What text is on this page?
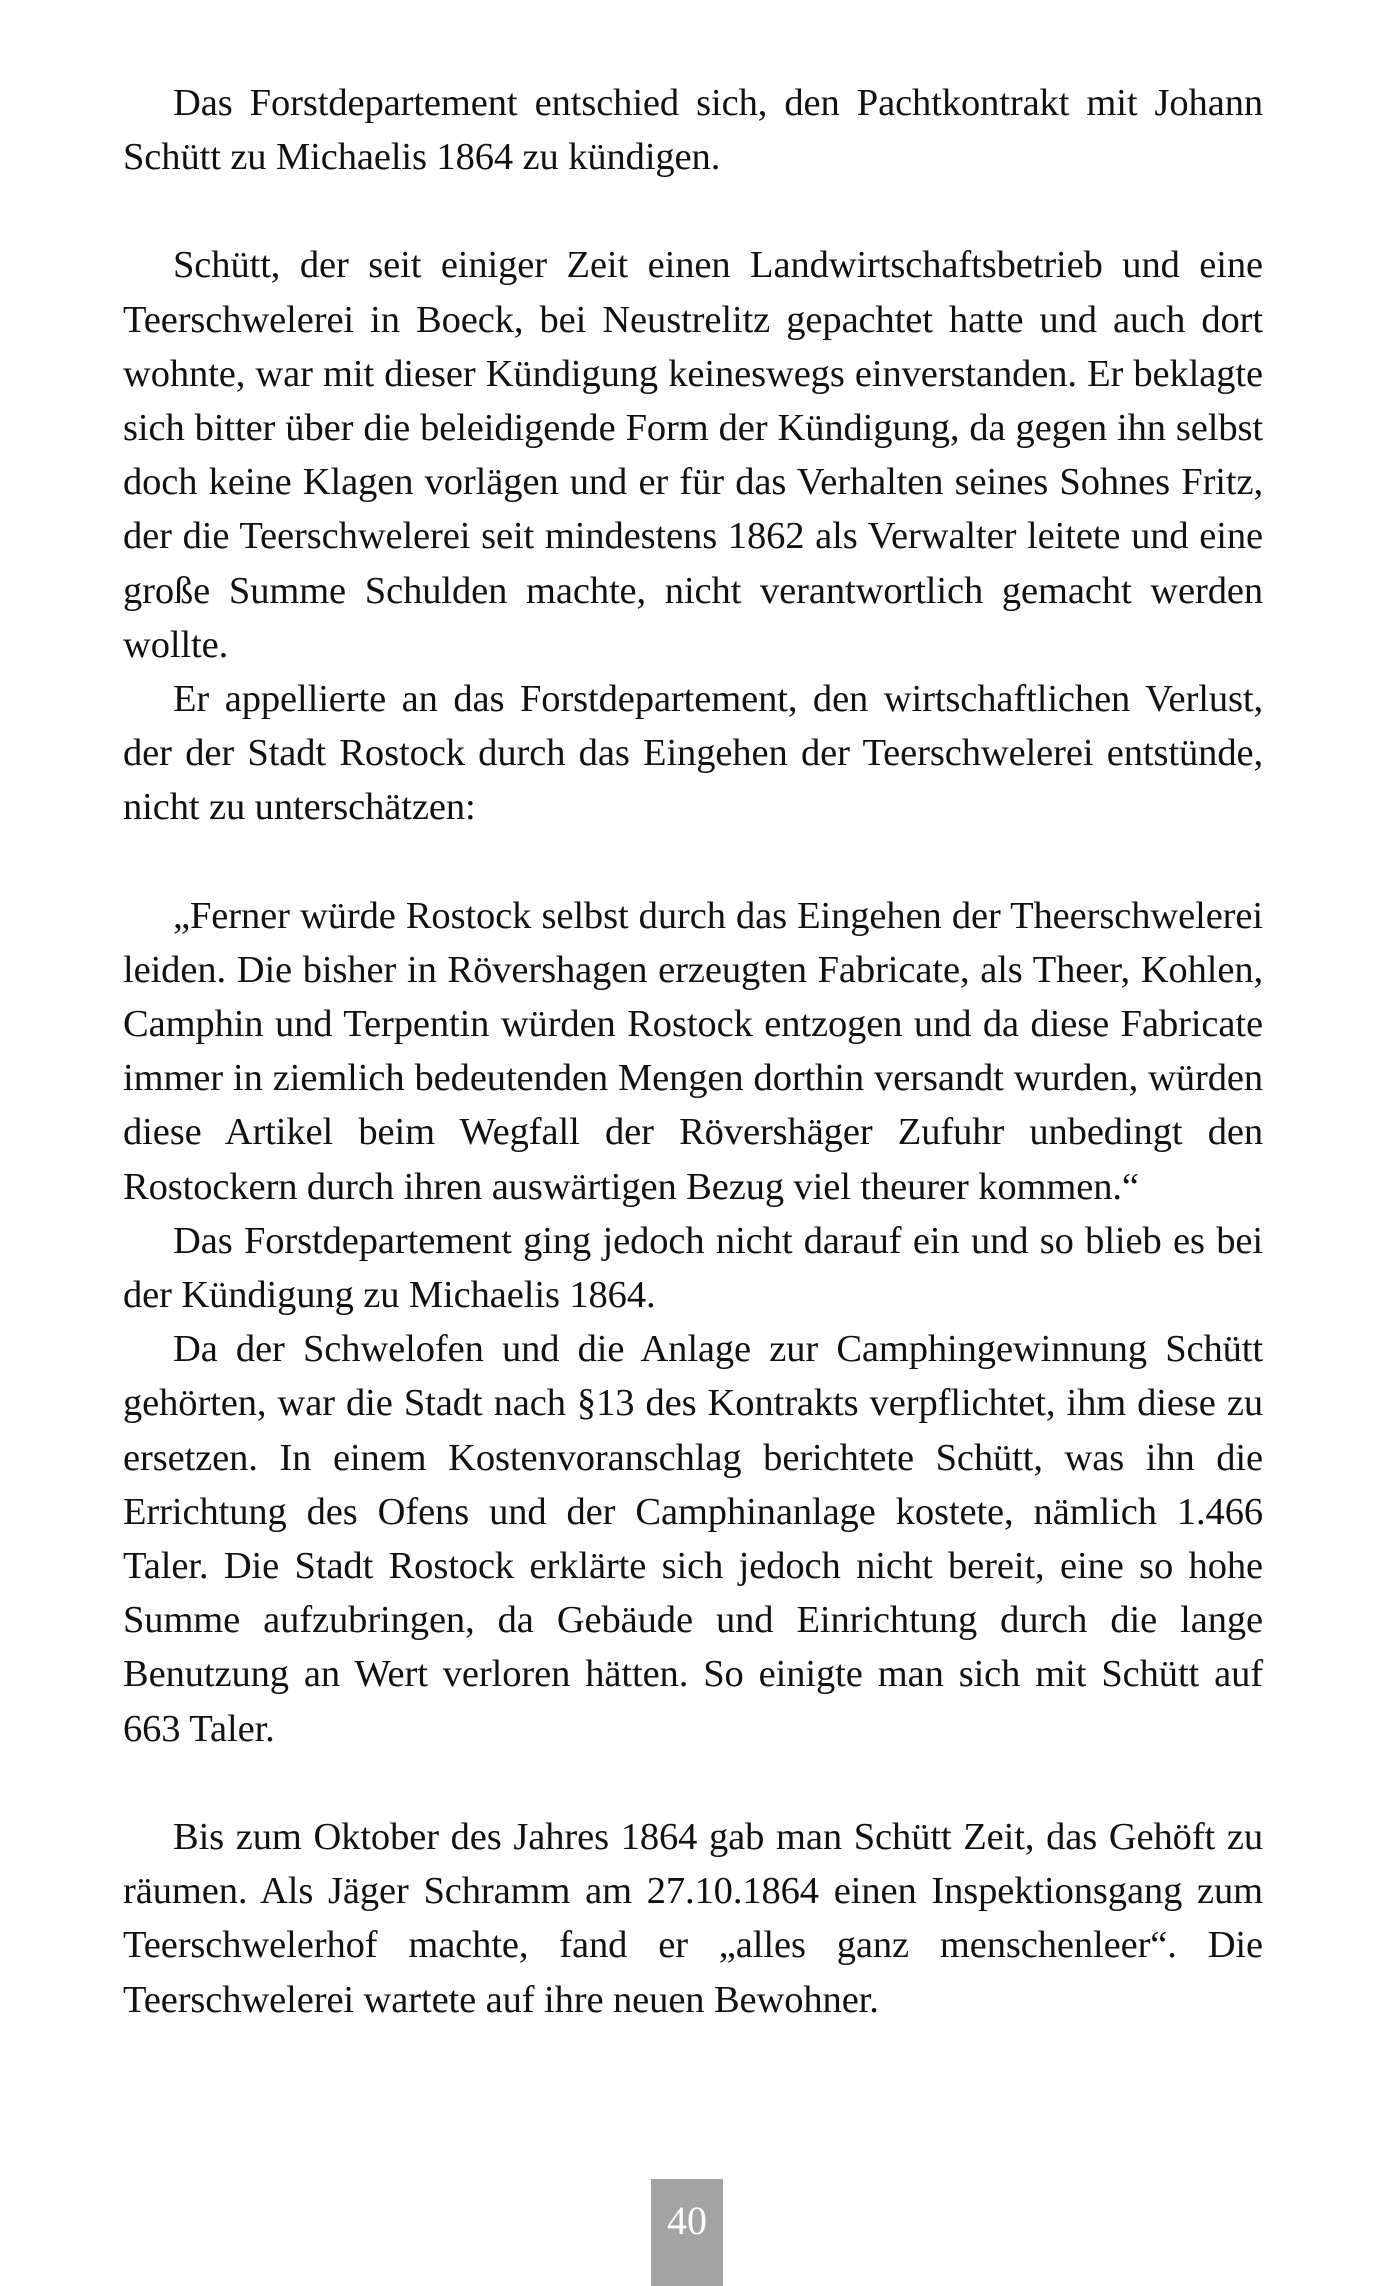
Das Forstdepartement entschied sich, den Pachtkontrakt mit Johann Schütt zu Michaelis 1864 zu kündigen.

Schütt, der seit einiger Zeit einen Landwirtschaftsbetrieb und eine Teerschwelerei in Boeck, bei Neustrelitz gepachtet hatte und auch dort wohnte, war mit dieser Kündigung keineswegs einverstanden. Er beklagte sich bitter über die beleidigende Form der Kündigung, da gegen ihn selbst doch keine Klagen vorlägen und er für das Verhalten seines Sohnes Fritz, der die Teerschwelerei seit mindestens 1862 als Verwalter leitete und eine große Summe Schulden machte, nicht verantwortlich gemacht werden wollte.

Er appellierte an das Forstdepartement, den wirtschaftlichen Verlust, der der Stadt Rostock durch das Eingehen der Teerschwelerei entstünde, nicht zu unterschätzen:

„Ferner würde Rostock selbst durch das Eingehen der Theerschwelerei leiden. Die bisher in Rövershagen erzeugten Fabricate, als Theer, Kohlen, Camphin und Terpentin würden Rostock entzogen und da diese Fabricate immer in ziemlich bedeutenden Mengen dorthin versandt wurden, würden diese Artikel beim Wegfall der Rövershäger Zufuhr unbedingt den Rostockern durch ihren auswärtigen Bezug viel theurer kommen.“

Das Forstdepartement ging jedoch nicht darauf ein und so blieb es bei der Kündigung zu Michaelis 1864.

Da der Schwelofen und die Anlage zur Camphingewinnung Schütt gehörten, war die Stadt nach §13 des Kontrakts verpflichtet, ihm diese zu ersetzen. In einem Kostenvoranschlag berichtete Schütt, was ihn die Errichtung des Ofens und der Camphinanlage kostete, nämlich 1.466 Taler. Die Stadt Rostock erklärte sich jedoch nicht bereit, eine so hohe Summe aufzubringen, da Gebäude und Einrichtung durch die lange Benutzung an Wert verloren hätten. So einigte man sich mit Schütt auf 663 Taler.

Bis zum Oktober des Jahres 1864 gab man Schütt Zeit, das Gehöft zu räumen. Als Jäger Schramm am 27.10.1864 einen Inspektionsgang zum Teerschwelerhof machte, fand er „alles ganz menschenleer“. Die Teerschwelerei wartete auf ihre neuen Bewohner.

40
